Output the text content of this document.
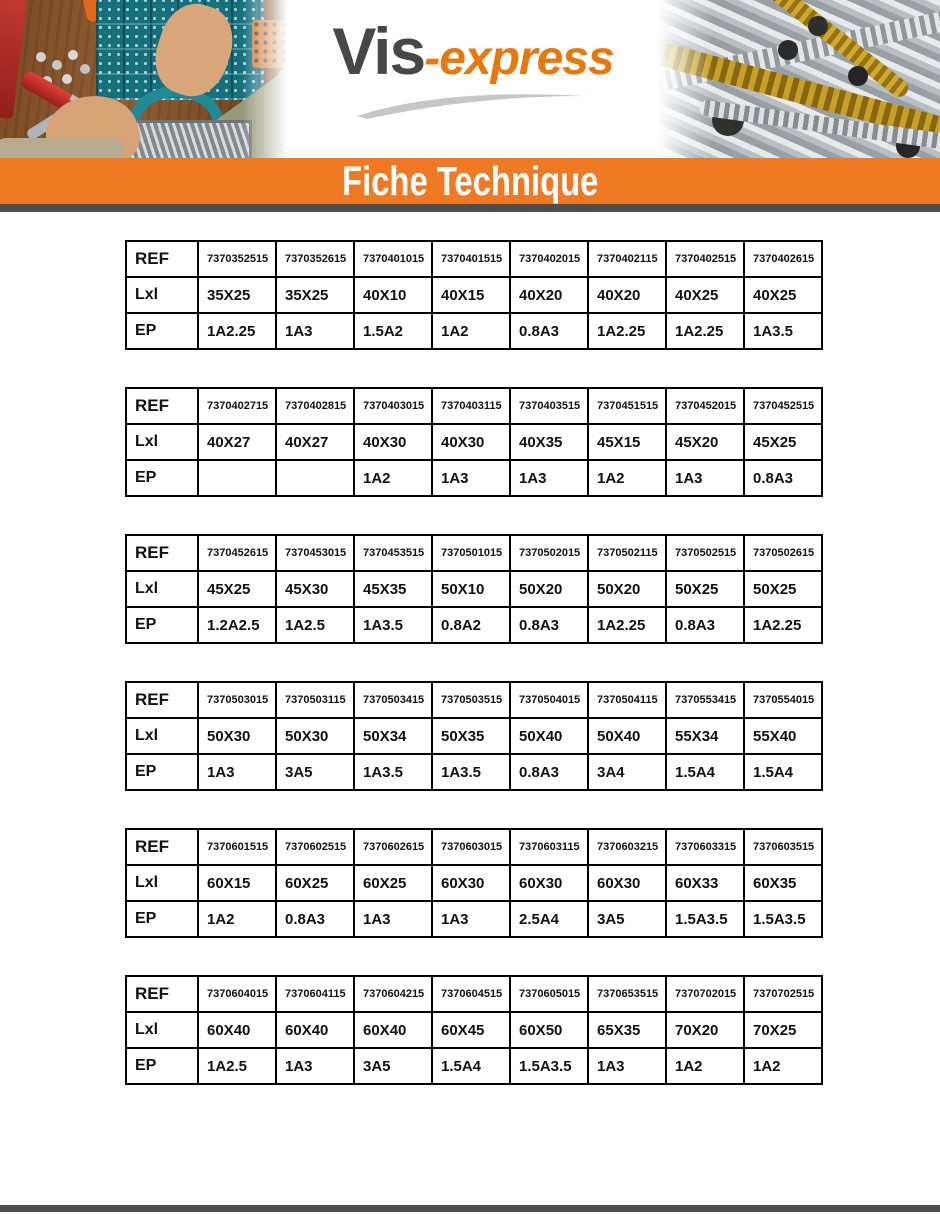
Vis-express
Fiche Technique
REF	7370352515	7370352615	7370401015	7370401515	7370402015	7370402115	7370402515	7370402615
Lxl	35X25	35X25	40X10	40X15	40X20	40X20	40X25	40X25
EP	1A2.25	1A3	1.5A2	1A2	0.8A3	1A2.25	1A2.25	1A3.5
REF	7370402715	7370402815	7370403015	7370403115	7370403515	7370451515	7370452015	7370452515
Lxl	40X27	40X27	40X30	40X30	40X35	45X15	45X20	45X25
EP			1A2	1A3	1A3	1A2	1A3	0.8A3
REF	7370452615	7370453015	7370453515	7370501015	7370502015	7370502115	7370502515	7370502615
Lxl	45X25	45X30	45X35	50X10	50X20	50X20	50X25	50X25
EP	1.2A2.5	1A2.5	1A3.5	0.8A2	0.8A3	1A2.25	0.8A3	1A2.25
REF	7370503015	7370503115	7370503415	7370503515	7370504015	7370504115	7370553415	7370554015
Lxl	50X30	50X30	50X34	50X35	50X40	50X40	55X34	55X40
EP	1A3	3A5	1A3.5	1A3.5	0.8A3	3A4	1.5A4	1.5A4
REF	7370601515	7370602515	7370602615	7370603015	7370603115	7370603215	7370603315	7370603515
Lxl	60X15	60X25	60X25	60X30	60X30	60X30	60X33	60X35
EP	1A2	0.8A3	1A3	1A3	2.5A4	3A5	1.5A3.5	1.5A3.5
REF	7370604015	7370604115	7370604215	7370604515	7370605015	7370653515	7370702015	7370702515
Lxl	60X40	60X40	60X40	60X45	60X50	65X35	70X20	70X25
EP	1A2.5	1A3	3A5	1.5A4	1.5A3.5	1A3	1A2	1A2
